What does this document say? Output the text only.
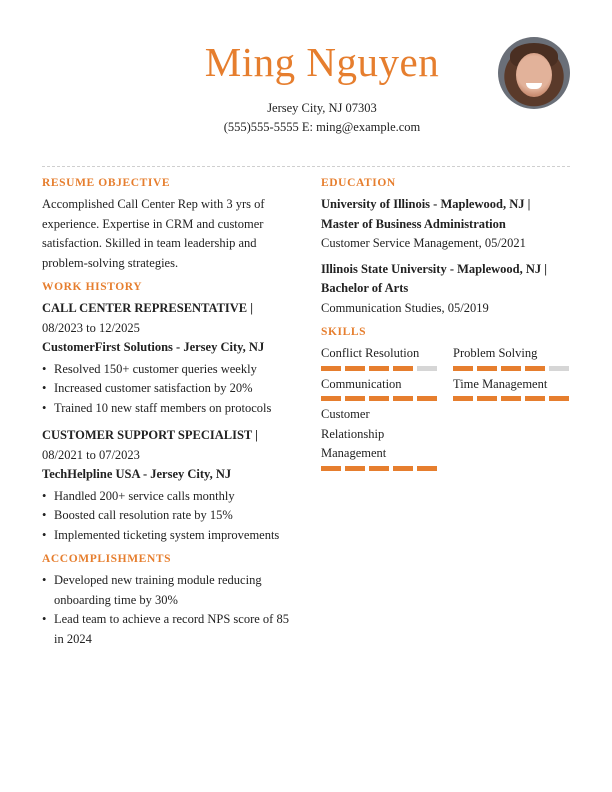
Ming Nguyen
Jersey City, NJ 07303
(555)555-5555 E: ming@example.com
RESUME OBJECTIVE

Accomplished Call Center Rep with 3 yrs of experience. Expertise in CRM and customer satisfaction. Skilled in team leadership and problem-solving strategies.

WORK HISTORY
CALL CENTER REPRESENTATIVE |
08/2023 to 12/2025
CustomerFirst Solutions - Jersey City, NJ
• Resolved 150+ customer queries weekly
• Increased customer satisfaction by 20%
• Trained 10 new staff members on protocols
CUSTOMER SUPPORT SPECIALIST |
08/2021 to 07/2023
TechHelpline USA - Jersey City, NJ
• Handled 200+ service calls monthly
• Boosted call resolution rate by 15%
• Implemented ticketing system improvements
ACCOMPLISHMENTS
• Developed new training module reducing onboarding time by 30%
• Lead team to achieve a record NPS score of 85 in 2024
EDUCATION
University of Illinois - Maplewood, NJ |
Master of Business Administration
Customer Service Management, 05/2021
Illinois State University - Maplewood, NJ |
Bachelor of Arts
Communication Studies, 05/2019
SKILLS
Conflict Resolution	Problem Solving
Communication	Time Management
Customer Relationship Management
